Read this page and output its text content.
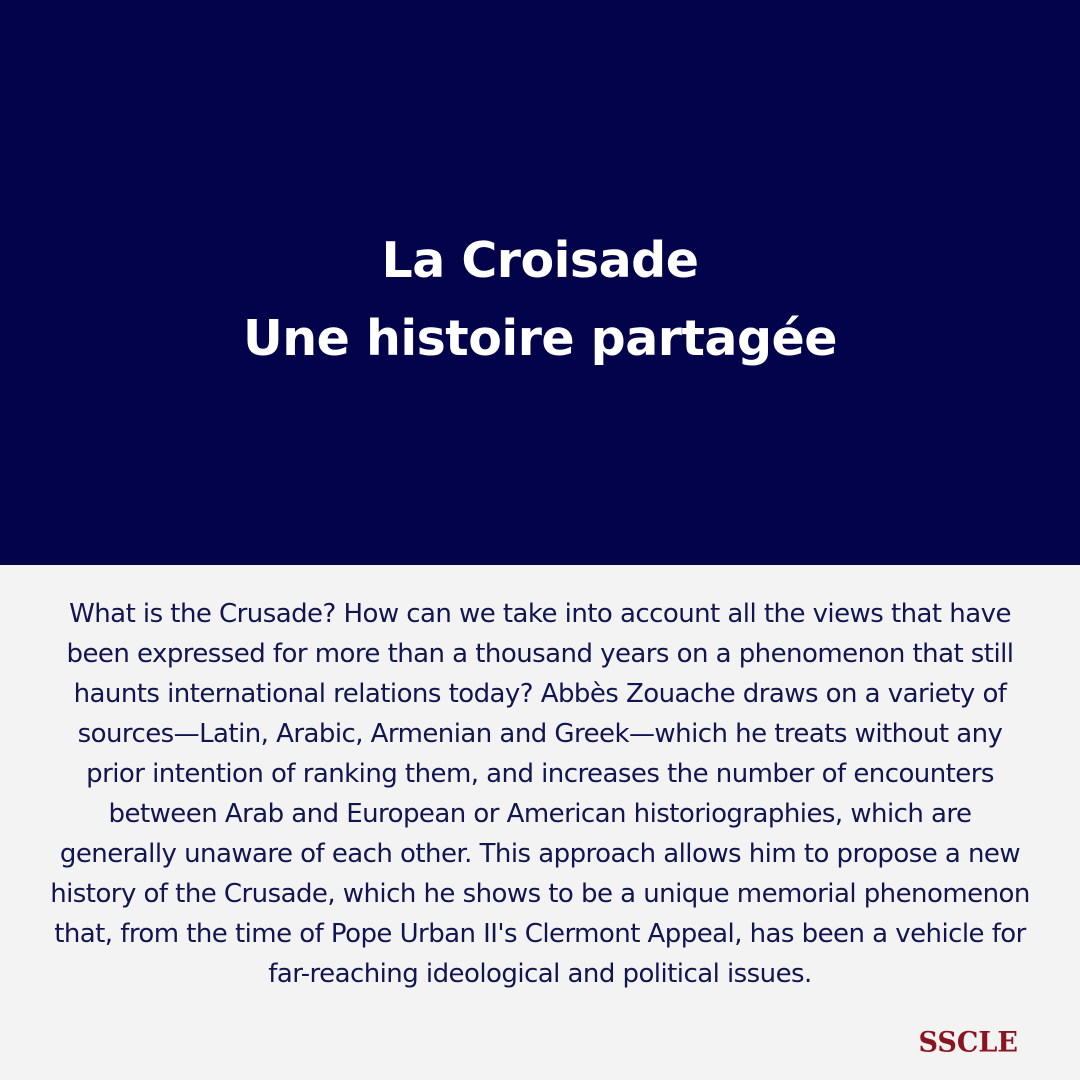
La Croisade
Une histoire partagée

What is the Crusade? How can we take into account all the views that have been expressed for more than a thousand years on a phenomenon that still haunts international relations today? Abbès Zouache draws on a variety of sources—Latin, Arabic, Armenian and Greek—which he treats without any prior intention of ranking them, and increases the number of encounters between Arab and European or American historiographies, which are generally unaware of each other. This approach allows him to propose a new history of the Crusade, which he shows to be a unique memorial phenomenon that, from the time of Pope Urban II's Clermont Appeal, has been a vehicle for far-reaching ideological and political issues.

SSCLE
